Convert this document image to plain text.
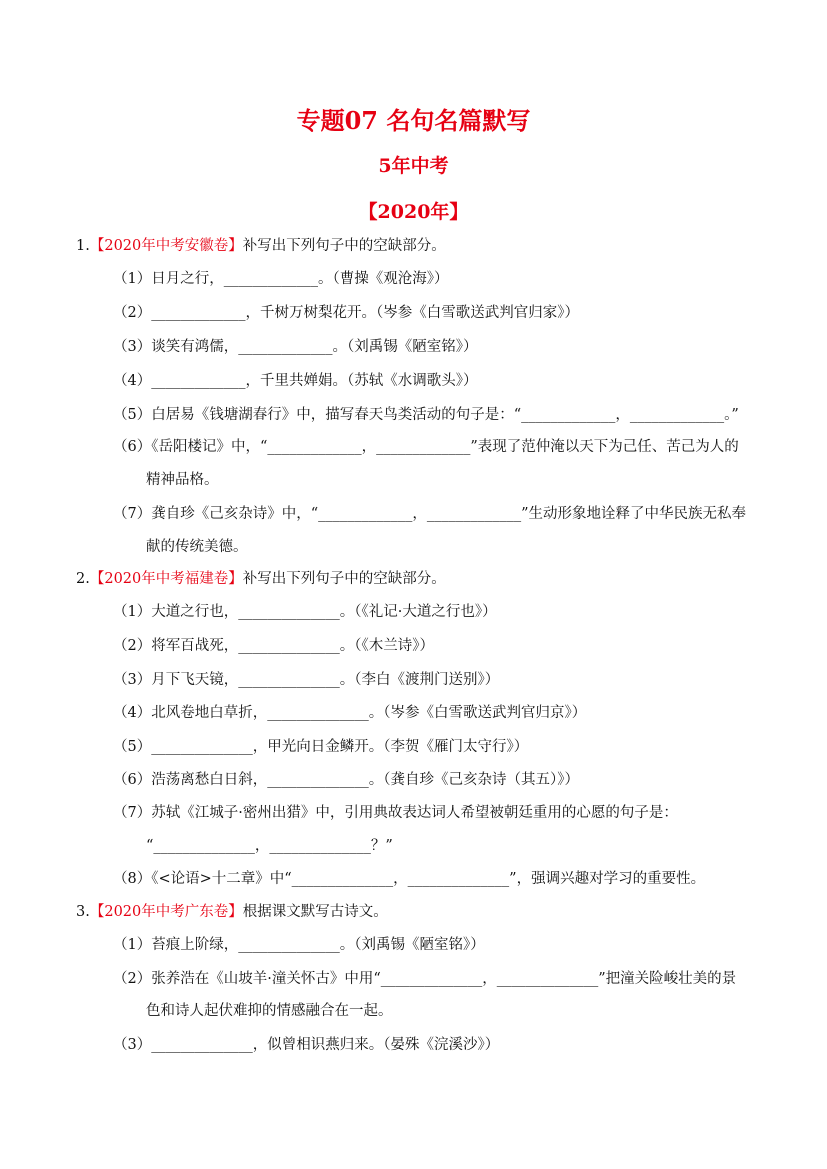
专题07 名句名篇默写
5年中考
【2020年】
1.【2020年中考安徽卷】补写出下列句子中的空缺部分。
（1）日月之行，_____________。（曹操《观沧海》）
（2）_____________，千树万树梨花开。（岑参《白雪歌送武判官归家》）
（3）谈笑有鸿儒，_____________。（刘禹锡《陋室铭》）
（4）_____________，千里共婵娟。（苏轼《水调歌头》）
（5）白居易《钱塘湖春行》中，描写春天鸟类活动的句子是：“_____________，_____________。”
（6）《岳阳楼记》中，“_____________，_____________”表现了范仲淹以天下为己任、苦己为人的
精神品格。
（7）龚自珍《己亥杂诗》中，“_____________，_____________”生动形象地诠释了中华民族无私奉
献的传统美德。
2.【2020年中考福建卷】补写出下列句子中的空缺部分。
（1）大道之行也，______________。（《礼记·大道之行也》）
（2）将军百战死，______________。（《木兰诗》）
（3）月下飞天镜，______________。（李白《渡荆门送别》）
（4）北风卷地白草折，______________。（岑参《白雪歌送武判官归京》）
（5）______________，甲光向日金鳞开。（李贺《雁门太守行》）
（6）浩荡离愁白日斜，______________。（龚自珍《己亥杂诗（其五）》）
（7）苏轼《江城子·密州出猎》中，引用典故表达词人希望被朝廷重用的心愿的句子是：
“______________，______________？”
（8）《<论语>十二章》中“______________，______________”，强调兴趣对学习的重要性。
3.【2020年中考广东卷】根据课文默写古诗文。
（1）苔痕上阶绿，______________。（刘禹锡《陋室铭》）
（2）张养浩在《山坡羊·潼关怀古》中用“______________，______________”把潼关险峻壮美的景
色和诗人起伏难抑的情感融合在一起。
（3）______________，似曾相识燕归来。（晏殊《浣溪沙》）
